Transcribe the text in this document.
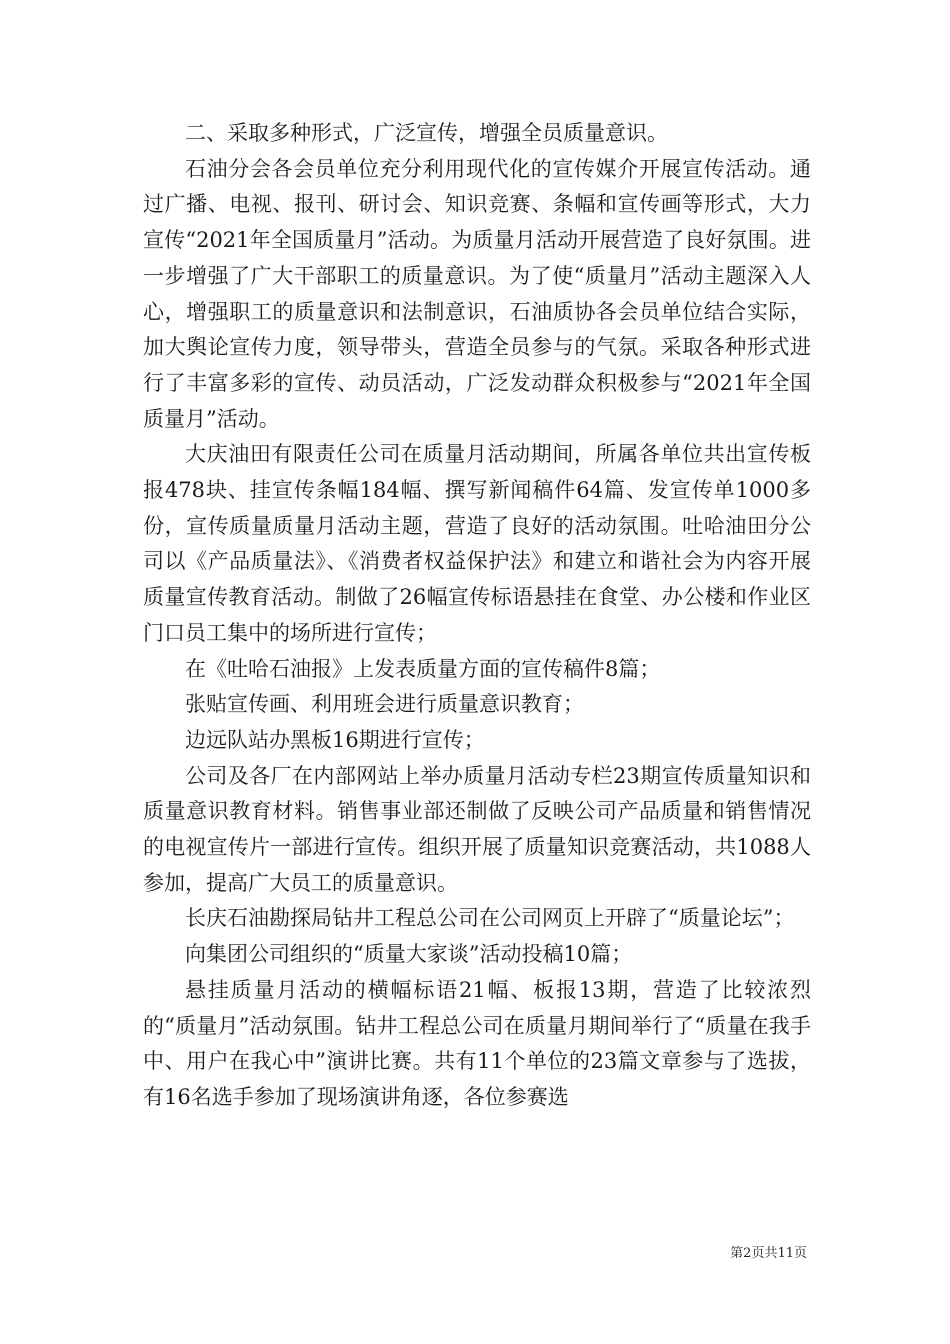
二、采取多种形式，广泛宣传，增强全员质量意识。

石油分会各会员单位充分利用现代化的宣传媒介开展宣传活动。通过广播、电视、报刊、研讨会、知识竞赛、条幅和宣传画等形式，大力宣传“2021年全国质量月”活动。为质量月活动开展营造了良好氛围。进一步增强了广大干部职工的质量意识。为了使“质量月”活动主题深入人心，增强职工的质量意识和法制意识，石油质协各会员单位结合实际，加大舆论宣传力度，领导带头，营造全员参与的气氛。采取各种形式进行了丰富多彩的宣传、动员活动，广泛发动群众积极参与“2021年全国质量月”活动。

大庆油田有限责任公司在质量月活动期间，所属各单位共出宣传板报478块、挂宣传条幅184幅、撰写新闻稿件64篇、发宣传单1000多份，宣传质量质量月活动主题，营造了良好的活动氛围。吐哈油田分公司以《产品质量法》、《消费者权益保护法》和建立和谐社会为内容开展质量宣传教育活动。制做了26幅宣传标语悬挂在食堂、办公楼和作业区门口员工集中的场所进行宣传；

在《吐哈石油报》上发表质量方面的宣传稿件8篇；

张贴宣传画、利用班会进行质量意识教育；

边远队站办黑板16期进行宣传；

公司及各厂在内部网站上举办质量月活动专栏23期宣传质量知识和质量意识教育材料。销售事业部还制做了反映公司产品质量和销售情况的电视宣传片一部进行宣传。组织开展了质量知识竞赛活动，共1088人参加，提高广大员工的质量意识。

长庆石油勘探局钻井工程总公司在公司网页上开辟了“质量论坛”；

向集团公司组织的“质量大家谈”活动投稿10篇；

悬挂质量月活动的横幅标语21幅、板报13期，营造了比较浓烈的“质量月”活动氛围。钻井工程总公司在质量月期间举行了“质量在我手中、用户在我心中”演讲比赛。共有11个单位的23篇文章参与了选拔，有16名选手参加了现场演讲角逐，各位参赛选

第2页共11页
